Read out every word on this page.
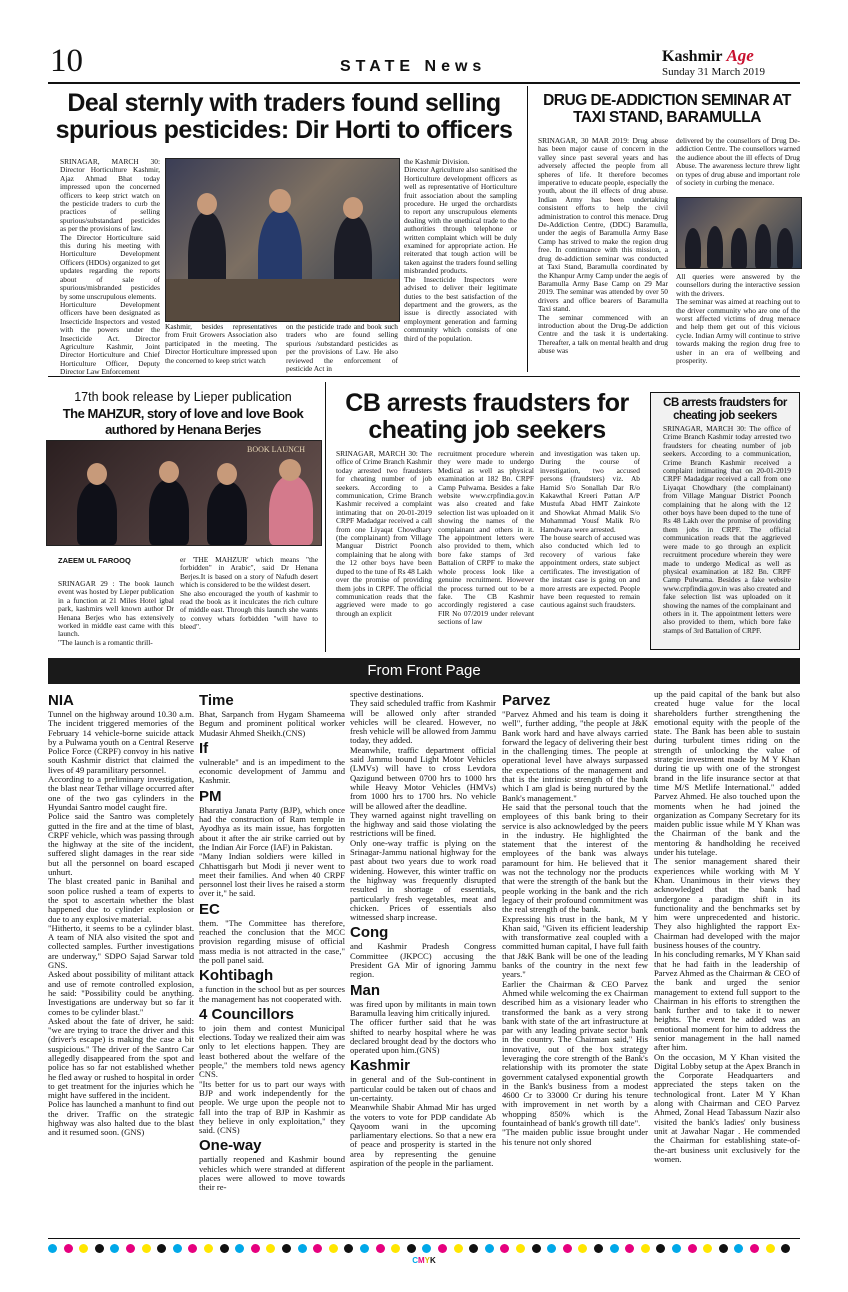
10	STATE News
Kashmir Age
Sunday 31 March 2019
Deal sternly with traders found selling spurious pesticides: Dir Horti to officers
SRINAGAR, MARCH 30: Director Horticulture Kashmir, Ajaz Ahmad Bhat today impressed upon the concerned officers to keep strict watch on the pesticide traders to curb the practices of selling spurious/substandard pesticides as per the provisions of law.
The Director Horticulture said this during his meeting with Horticulture Development Officers (HDOs) organized to get updates regarding the reports about of sale of spurious/misbranded pesticides by some unscrupulous elements.
Horticulture Development officers have been designated as Insecticide Inspectors and vested with the powers under the Insecticide Act. Director Agriculture Kashmir, Joint Director Horticulture and Chief Horticulture Officer, Deputy Director Law Enforcement
Kashmir, besides representatives from Fruit Growers Association also participated in the meeting. The Director Horticulture impressed upon the concerned to keep strict watch
on the pesticide trade and book such traders who are found selling spurious /substandard pesticides as per the provisions of Law. He also reviewed the enforcement of pesticide Act in
the Kashmir Division.
Director Agriculture also sanitised the Horticulture development officers as well as representative of Horticulture fruit association about the sampling procedure. He urged the orchardists to report any unscrupulous elements dealing with the unethical trade to the authorities through telephone or written complaint which will be duly examined for appropriate action. He reiterated that tough action will be taken against the traders found selling misbranded products.
The Insecticide Inspectors were advised to deliver their legitimate duties to the best satisfaction of the department and the growers, as the issue is directly associated with employment generation and farming community which consists of one third of the population.
DRUG DE-ADDICTION SEMINAR AT TAXI STAND, BARAMULLA
SRINAGAR, 30 MAR 2019: Drug abuse has been major cause of concern in the valley since past several years and has adversely affected the people from all spheres of life. It therefore becomes imperative to educate people, especially the youth, about the ill effects of drug abuse. Indian Army has been undertaking consistent efforts to help the civil administration to control this menace. Drug De-Addiction Centre, (DDC) Baramulla, under the aegis of Baramulla Army Base Camp has strived to make the region drug free. In continuance with this mission, a drug de-addiction seminar was conducted at Taxi Stand, Baramulla coordinated by the Khanpur Army Camp under the aegis of Baramulla Army Base Camp on 29 Mar 2019. The seminar was attended by over 50 drivers and office bearers of Baramulla Taxi stand.
The seminar commenced with an introduction about the Drug-De addiction Centre and the task it is undertaking. Thereafter, a talk on mental health and drug abuse was
delivered by the counsellors of Drug De-addiction Centre. The counsellors warned the audience about the ill effects of Drug Abuse. The awareness lecture threw light on types of drug abuse and important role of society in curbing the menace.
All queries were answered by the counsellors during the interactive session with the drivers.
The seminar was aimed at reaching out to the driver community who are one of the worst affected victims of drug menace and help them get out of this vicious cycle. Indian Army will continue to strive towards making the region drug free to usher in an era of wellbeing and prosperity.
17th book release by Lieper publication
The MAHZUR, story of love and love Book authored by Henana Berjes
BOOK LAUNCH
ZAEEM UL FAROOQ
SRINAGAR 29 : The book launch event was hosted by Lieper publication in a function at 21 Miles Hotel igbal park, kashmirs well known author Dr Henana Berjes who has extensively worked in middle east came with this launch.
"The launch is a romantic thrill-
er 'THE MAHZUR' which means "the forbidden" in Arabic", said Dr Henana Berjes.It is based on a story of Nafudh desert which is considered to be the wildest desert.
She also encouraged the youth of kashmir to read the book as it inculcates the rich culture of middle east. Through this launch she wants to convey whats forbidden "will have to bleed".
CB arrests fraudsters for cheating job seekers
SRINAGAR, MARCH 30: The office of Crime Branch Kashmir today arrested two fraudsters for cheating number of job seekers. According to a communication, Crime Branch Kashmir received a complaint intimating that on 20-01-2019 CRPF Madadgar received a call from one Liyaqat Chowdhary (the complainant) from Village Manguar District Poonch complaining that he along with the 12 other boys have been duped to the tune of Rs 48 Lakh over the promise of providing them jobs in CRPF. The official communication reads that the aggrieved were made to go through an explicit
recruitment procedure wherein they were made to undergo Medical as well as physical examination at 182 Bn. CRPF Camp Pulwama. Besides a fake website www.crpfindia.gov.in was also created and fake selection list was uploaded on it showing the names of the complainant and others in it. The appointment letters were also provided to them, which bore fake stamps of 3rd Battalion of CRPF to make the whole process look like a genuine recruitment. However the process turned out to be a fake. The CB Kashmir accordingly registered a case FIR No 07/2019 under relevant sections of law
and investigation was taken up. During the course of investigation, two accused persons (fraudsters) viz. Ab Hamid S/o Sonallah Dar R/o Kakawthal Kreeri Pattan A/P Mustufa Abad HMT Zainkote and Showkat Ahmad Malik S/o Mohammad Yousf Malik R/o Hamdwara were arrested.
The house search of accused was also conducted which led to recovery of various fake appointment orders, state subject certificates. The investigation of the instant case is going on and more arrests are expected. People have been requested to remain cautious against such fraudsters.
CB arrests fraudsters for cheating job seekers
SRINAGAR, MARCH 30: The office of Crime Branch Kashmir today arrested two fraudsters for cheating number of job seekers. According to a communication, Crime Branch Kashmir received a complaint intimating that on 20-01-2019 CRPF Madadgar received a call from one Liyaqat Chowdhary (the complainant) from Village Manguar District Poonch complaining that he along with the 12 other boys have been duped to the tune of Rs 48 Lakh over the promise of providing them jobs in CRPF. The official communication reads that the aggrieved were made to go through an explicit recruitment procedure wherein they were made to undergo Medical as well as physical examination at 182 Bn. CRPF Camp Pulwama. Besides a fake website www.crpfindia.gov.in was also created and fake selection list was uploaded on it showing the names of the complainant and others in it. The appointment letters were also provided to them, which bore fake stamps of 3rd Battalion of CRPF.
From Front Page
NIA
Tunnel on the highway around 10.30 a.m. The incident triggered memories of the February 14 vehicle-borne suicide attack by a Pulwama youth on a Central Reserve Police Force (CRPF) convoy in his native south Kashmir district that claimed the lives of 49 paramilitary personnel.
According to a preliminary investigation, the blast near Tethar village occurred after one of the two gas cylinders in the Hyundai Santro model caught fire.
Police said the Santro was completely gutted in the fire and at the time of blast, CRPF vehicle, which was passing through the highway at the site of the incident, suffered slight damages in the rear side but all the personnel on board escaped unhurt.
The blast created panic in Banihal and soon police rushed a team of experts to the spot to ascertain whether the blast happened due to cylinder explosion or due to any explosive material.
"Hitherto, it seems to be a cylinder blast. A team of NIA also visited the spot and collected samples. Further investigations are underway," SDPO Sajad Sarwar told GNS.
Asked about possibility of militant attack and use of remote controlled explosion, he said: "Possibility could be anything. Investigations are underway but so far it comes to be cylinder blast."
Asked about the fate of driver, he said: "we are trying to trace the driver and this (driver's escape) is making the case a bit suspicious." The driver of the Santro Car allegedly disappeared from the spot and police has so far not established whether he fled away or rushed to hospital in order to get treatment for the injuries which he might have suffered in the incident.
Police has launched a manhunt to find out the driver. Traffic on the strategic highway was also halted due to the blast and it resumed soon. (GNS)
Time
Bhat, Sarpanch from Hygam Shameema Begum and prominent political worker Mudasir Ahmed Sheikh.(CNS)
If
vulnerable" and is an impediment to the economic development of Jammu and Kashmir.
PM
Bharatiya Janata Party (BJP), which once had the construction of Ram temple in Ayodhya as its main issue, has forgotten about it after the air strike carried out by the Indian Air Force (IAF) in Pakistan.
"Many Indian soldiers were killed in Chhattisgarh but Modi ji never went to meet their families. And when 40 CRPF personnel lost their lives he raised a storm over it," he said.
EC
them. "The Committee has therefore, reached the conclusion that the MCC provision regarding misuse of official mass media is not attracted in the case," the poll panel said.
Kohtibagh
a function in the school but as per sources the management has not cooperated with.
4 Councillors
to join them and contest Municipal elections. Today we realized their aim was only to let elections happen. They are least bothered about the welfare of the people," the members told news agency CNS.
"Its better for us to part our ways with BJP and work independently for the people. We urge upon the people not to fall into the trap of BJP in Kashmir as they believe in only exploitation," they said. (CNS)
One-way
partially reopened and Kashmir bound vehicles which were stranded at different places were allowed to move towards their re-
spective destinations.
They said scheduled traffic from Kashmir will be allowed only after stranded vehicles will be cleared. However, no fresh vehicle will be allowed from Jammu today, they added.
Meanwhile, traffic department official said Jammu bound Light Motor Vehicles (LMVs) will have to cross Levdora Qazigund between 0700 hrs to 1000 hrs while Heavy Motor Vehicles (HMVs) from 1000 hrs to 1700 hrs. No vehicle will be allowed after the deadline.
They warned against night travelling on the highway and said those violating the restrictions will be fined.
Only one-way traffic is plying on the Srinagar-Jammu national highway for the past about two years due to work road widening. However, this winter traffic on the highway was frequently disrupted resulted in shortage of essentials, particularly fresh vegetables, meat and chicken. Prices of essentials also witnessed sharp increase.
Cong
and Kashmir Pradesh Congress Committee (JKPCC) accusing the President GA Mir of ignoring Jammu region.
Man
was fired upon by militants in main town Baramulla leaving him critically injured.
The officer further said that he was shifted to nearby hospital where he was declared brought dead by the doctors who operated upon him.(GNS)
Kashmir
in general and of the Sub-continent in particular could be taken out of chaos and un-certainty.
Meanwhile Shabir Ahmad Mir has urged the voters to vote for PDP candidate Ab Qayoom wani in the upcoming parliamentary elections. So that a new era of peace and prosperity is started in the area by representing the genuine aspiration of the people in the parliament.
Parvez
"Parvez Ahmed and his team is doing it well", further adding, "the people at J&K Bank work hard and have always carried forward the legacy of delivering their best in the challenging times. The people at operational level have always surpassed the expectations of the management and that is the intrinsic strength of the bank which I am glad is being nurtured by the Bank's management."
He said that the personal touch that the employees of this bank bring to their service is also acknowledged by the peers in the industry. He highlighted the statement that the interest of the employees of the bank was always paramount for him. He believed that it was not the technology nor the products that were the strength of the bank but the people working in the bank and the rich legacy of their profound commitment was the real strength of the bank.
Expressing his trust in the bank, M Y Khan said, "Given its efficient leadership with transformative zeal coupled with a committed human capital, I have full faith that J&K Bank will be one of the leading banks of the country in the next few years."
Earlier the Chairman & CEO Parvez Ahmed while welcoming the ex Chairman described him as a visionary leader who transformed the bank as a very strong bank with state of the art infrastructure at par with any leading private sector bank in the country. The Chairman said," His innovative, out of the box strategy leveraging the core strength of the Bank's relationship with its promoter the state government catalysed exponential growth in the Bank's business from a modest 4600 Cr to 33000 Cr during his tenure with improvement in net worth by a whopping 850% which is the fountainhead of bank's growth till date".
"The maiden public issue brought under his tenure not only shored
up the paid capital of the bank but also created huge value for the local shareholders further strengthening the emotional equity with the people of the state. The Bank has been able to sustain during turbulent times riding on the strength of unlocking the value of strategic investment made by M Y Khan during tie up with one of the strongest brand in the life insurance sector at that time M/S Metlife International." added Parvez Ahmed. He also touched upon the moments when he had joined the organization as Company Secretary for its maiden public issue while M Y Khan was the Chairman of the bank and the mentoring & handholding he received under his tutelage.
The senior management shared their experiences while working with M Y Khan. Unanimous in their views they acknowledged that the bank had undergone a paradigm shift in its functionality and the benchmarks set by him were unprecedented and historic. They also highlighted the rapport Ex-Chairman had developed with the major business houses of the country.
In his concluding remarks, M Y Khan said that he had faith in the leadership of Parvez Ahmed as the Chairman & CEO of the bank and urged the senior management to extend full support to the Chairman in his efforts to strengthen the bank further and to take it to newer heights. The event he added was an emotional moment for him to address the senior management in the hall named after him.
On the occasion, M Y Khan visited the Digital Lobby setup at the Apex Branch in the Corporate Headquarters and appreciated the steps taken on the technological front. Later M Y Khan along with Chairman and CEO Parvez Ahmed, Zonal Head Tabassum Nazir also visited the bank's ladies' only business unit at Jawahar Nagar . He commended the Chairman for establishing state-of-the-art business unit exclusively for the women.
CMYK
